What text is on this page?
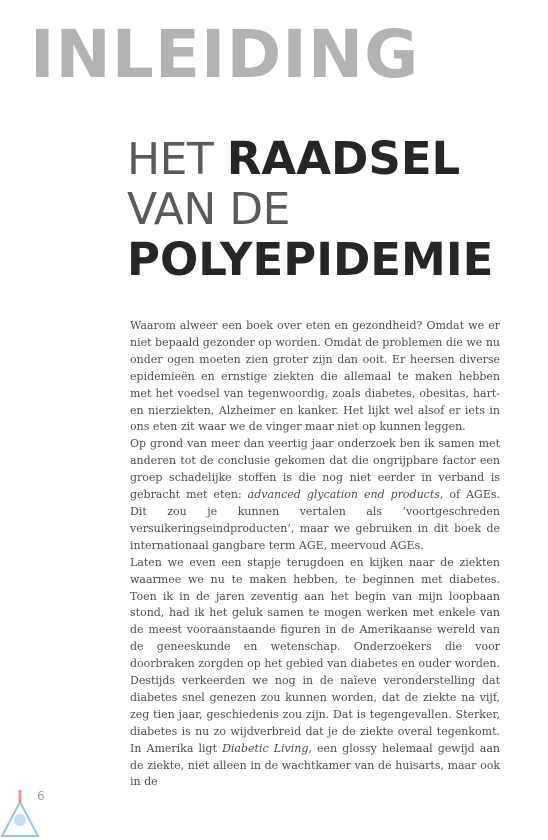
INLEIDING
HET RAADSEL
VAN DE
POLYEPIDEMIE

Waarom alweer een boek over eten en gezondheid? Omdat we er niet bepaald gezonder op worden. Omdat de problemen die we nu onder ogen moeten zien groter zijn dan ooit. Er heersen diverse epidemieën en ernstige ziekten die allemaal te maken hebben met het voedsel van tegenwoordig, zoals diabetes, obesitas, hart- en nierziekten, Alzheimer en kanker. Het lijkt wel alsof er iets in ons eten zit waar we de vinger maar niet op kunnen leggen.

Op grond van meer dan veertig jaar onderzoek ben ik samen met anderen tot de conclusie gekomen dat die ongrijpbare factor een groep schadelijke stoffen is die nog niet eerder in verband is gebracht met eten: advanced glycation end products, of AGEs. Dit zou je kunnen vertalen als ‘voortgeschreden versuikeringseindproducten’, maar we gebruiken in dit boek de internationaal gangbare term AGE, meervoud AGEs.

Laten we even een stapje terugdoen en kijken naar de ziekten waarmee we nu te maken hebben, te beginnen met diabetes. Toen ik in de jaren zeventig aan het begin van mijn loopbaan stond, had ik het geluk samen te mogen werken met enkele van de meest vooraanstaande figuren in de Amerikaanse wereld van de geneeskunde en wetenschap. Onderzoekers die voor doorbraken zorgden op het gebied van diabetes en ouder worden. Destijds verkeerden we nog in de naïeve veronderstelling dat diabetes snel genezen zou kunnen worden, dat de ziekte na vijf, zeg tien jaar, geschiedenis zou zijn. Dat is tegengevallen. Sterker, diabetes is nu zo wijdverbreid dat je de ziekte overal tegenkomt. In Amerika ligt Diabetic Living, een glossy helemaal gewijd aan de ziekte, niet alleen in de wachtkamer van de huisarts, maar ook in de

6
